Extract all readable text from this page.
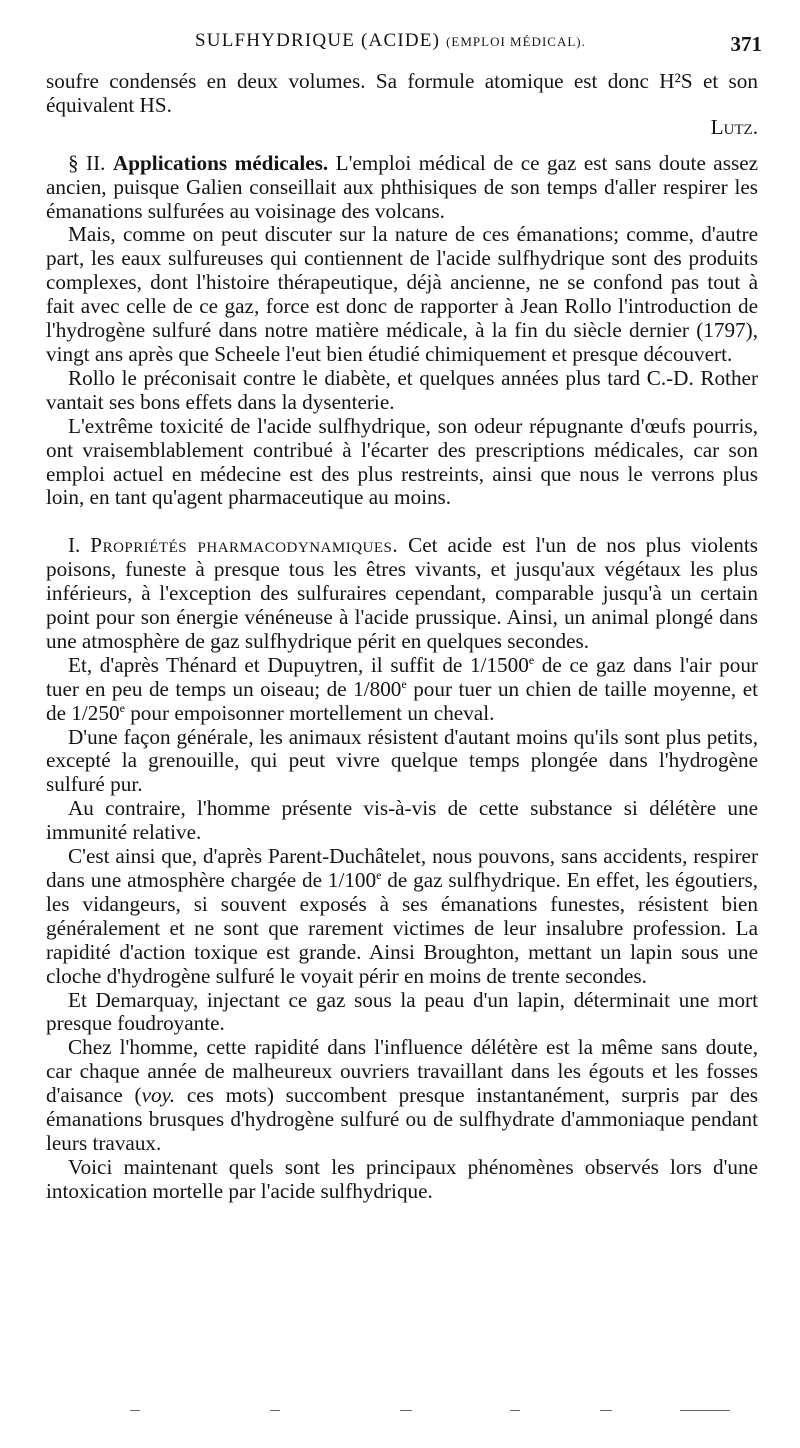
SULFHYDRIQUE (ACIDE) (EMPLOI MÉDICAL).	371

soufre condensés en deux volumes. Sa formule atomique est donc H²S et son équivalent HS.

Lutz.

§ II. Applications médicales. L'emploi médical de ce gaz est sans doute assez ancien, puisque Galien conseillait aux phthisiques de son temps d'aller respirer les émanations sulfurées au voisinage des volcans.

Mais, comme on peut discuter sur la nature de ces émanations; comme, d'autre part, les eaux sulfureuses qui contiennent de l'acide sulfhydrique sont des produits complexes, dont l'histoire thérapeutique, déjà ancienne, ne se confond pas tout à fait avec celle de ce gaz, force est donc de rapporter à Jean Rollo l'introduction de l'hydrogène sulfuré dans notre matière médicale, à la fin du siècle dernier (1797), vingt ans après que Scheele l'eut bien étudié chimiquement et presque découvert.

Rollo le préconisait contre le diabète, et quelques années plus tard C.-D. Rother vantait ses bons effets dans la dysenterie.

L'extrême toxicité de l'acide sulfhydrique, son odeur répugnante d'œufs pourris, ont vraisemblablement contribué à l'écarter des prescriptions médicales, car son emploi actuel en médecine est des plus restreints, ainsi que nous le verrons plus loin, en tant qu'agent pharmaceutique au moins.

I. Propriétés pharmacodynamiques. Cet acide est l'un de nos plus violents poisons, funeste à presque tous les êtres vivants, et jusqu'aux végétaux les plus inférieurs, à l'exception des sulfuraires cependant, comparable jusqu'à un certain point pour son énergie vénéneuse à l'acide prussique. Ainsi, un animal plongé dans une atmosphère de gaz sulfhydrique périt en quelques secondes.

Et, d'après Thénard et Dupuytren, il suffit de 1/1500e de ce gaz dans l'air pour tuer en peu de temps un oiseau; de 1/800e pour tuer un chien de taille moyenne, et de 1/250e pour empoisonner mortellement un cheval.

D'une façon générale, les animaux résistent d'autant moins qu'ils sont plus petits, excepté la grenouille, qui peut vivre quelque temps plongée dans l'hydrogène sulfuré pur.

Au contraire, l'homme présente vis-à-vis de cette substance si délétère une immunité relative.

C'est ainsi que, d'après Parent-Duchâtelet, nous pouvons, sans accidents, respirer dans une atmosphère chargée de 1/100e de gaz sulfhydrique. En effet, les égoutiers, les vidangeurs, si souvent exposés à ses émanations funestes, résistent bien généralement et ne sont que rarement victimes de leur insalubre profession. La rapidité d'action toxique est grande. Ainsi Broughton, mettant un lapin sous une cloche d'hydrogène sulfuré le voyait périr en moins de trente secondes.

Et Demarquay, injectant ce gaz sous la peau d'un lapin, déterminait une mort presque foudroyante.

Chez l'homme, cette rapidité dans l'influence délétère est la même sans doute, car chaque année de malheureux ouvriers travaillant dans les égouts et les fosses d'aisance (voy. ces mots) succombent presque instantanément, surpris par des émanations brusques d'hydrogène sulfuré ou de sulfhydrate d'ammoniaque pendant leurs travaux.

Voici maintenant quels sont les principaux phénomènes observés lors d'une intoxication mortelle par l'acide sulfhydrique.
